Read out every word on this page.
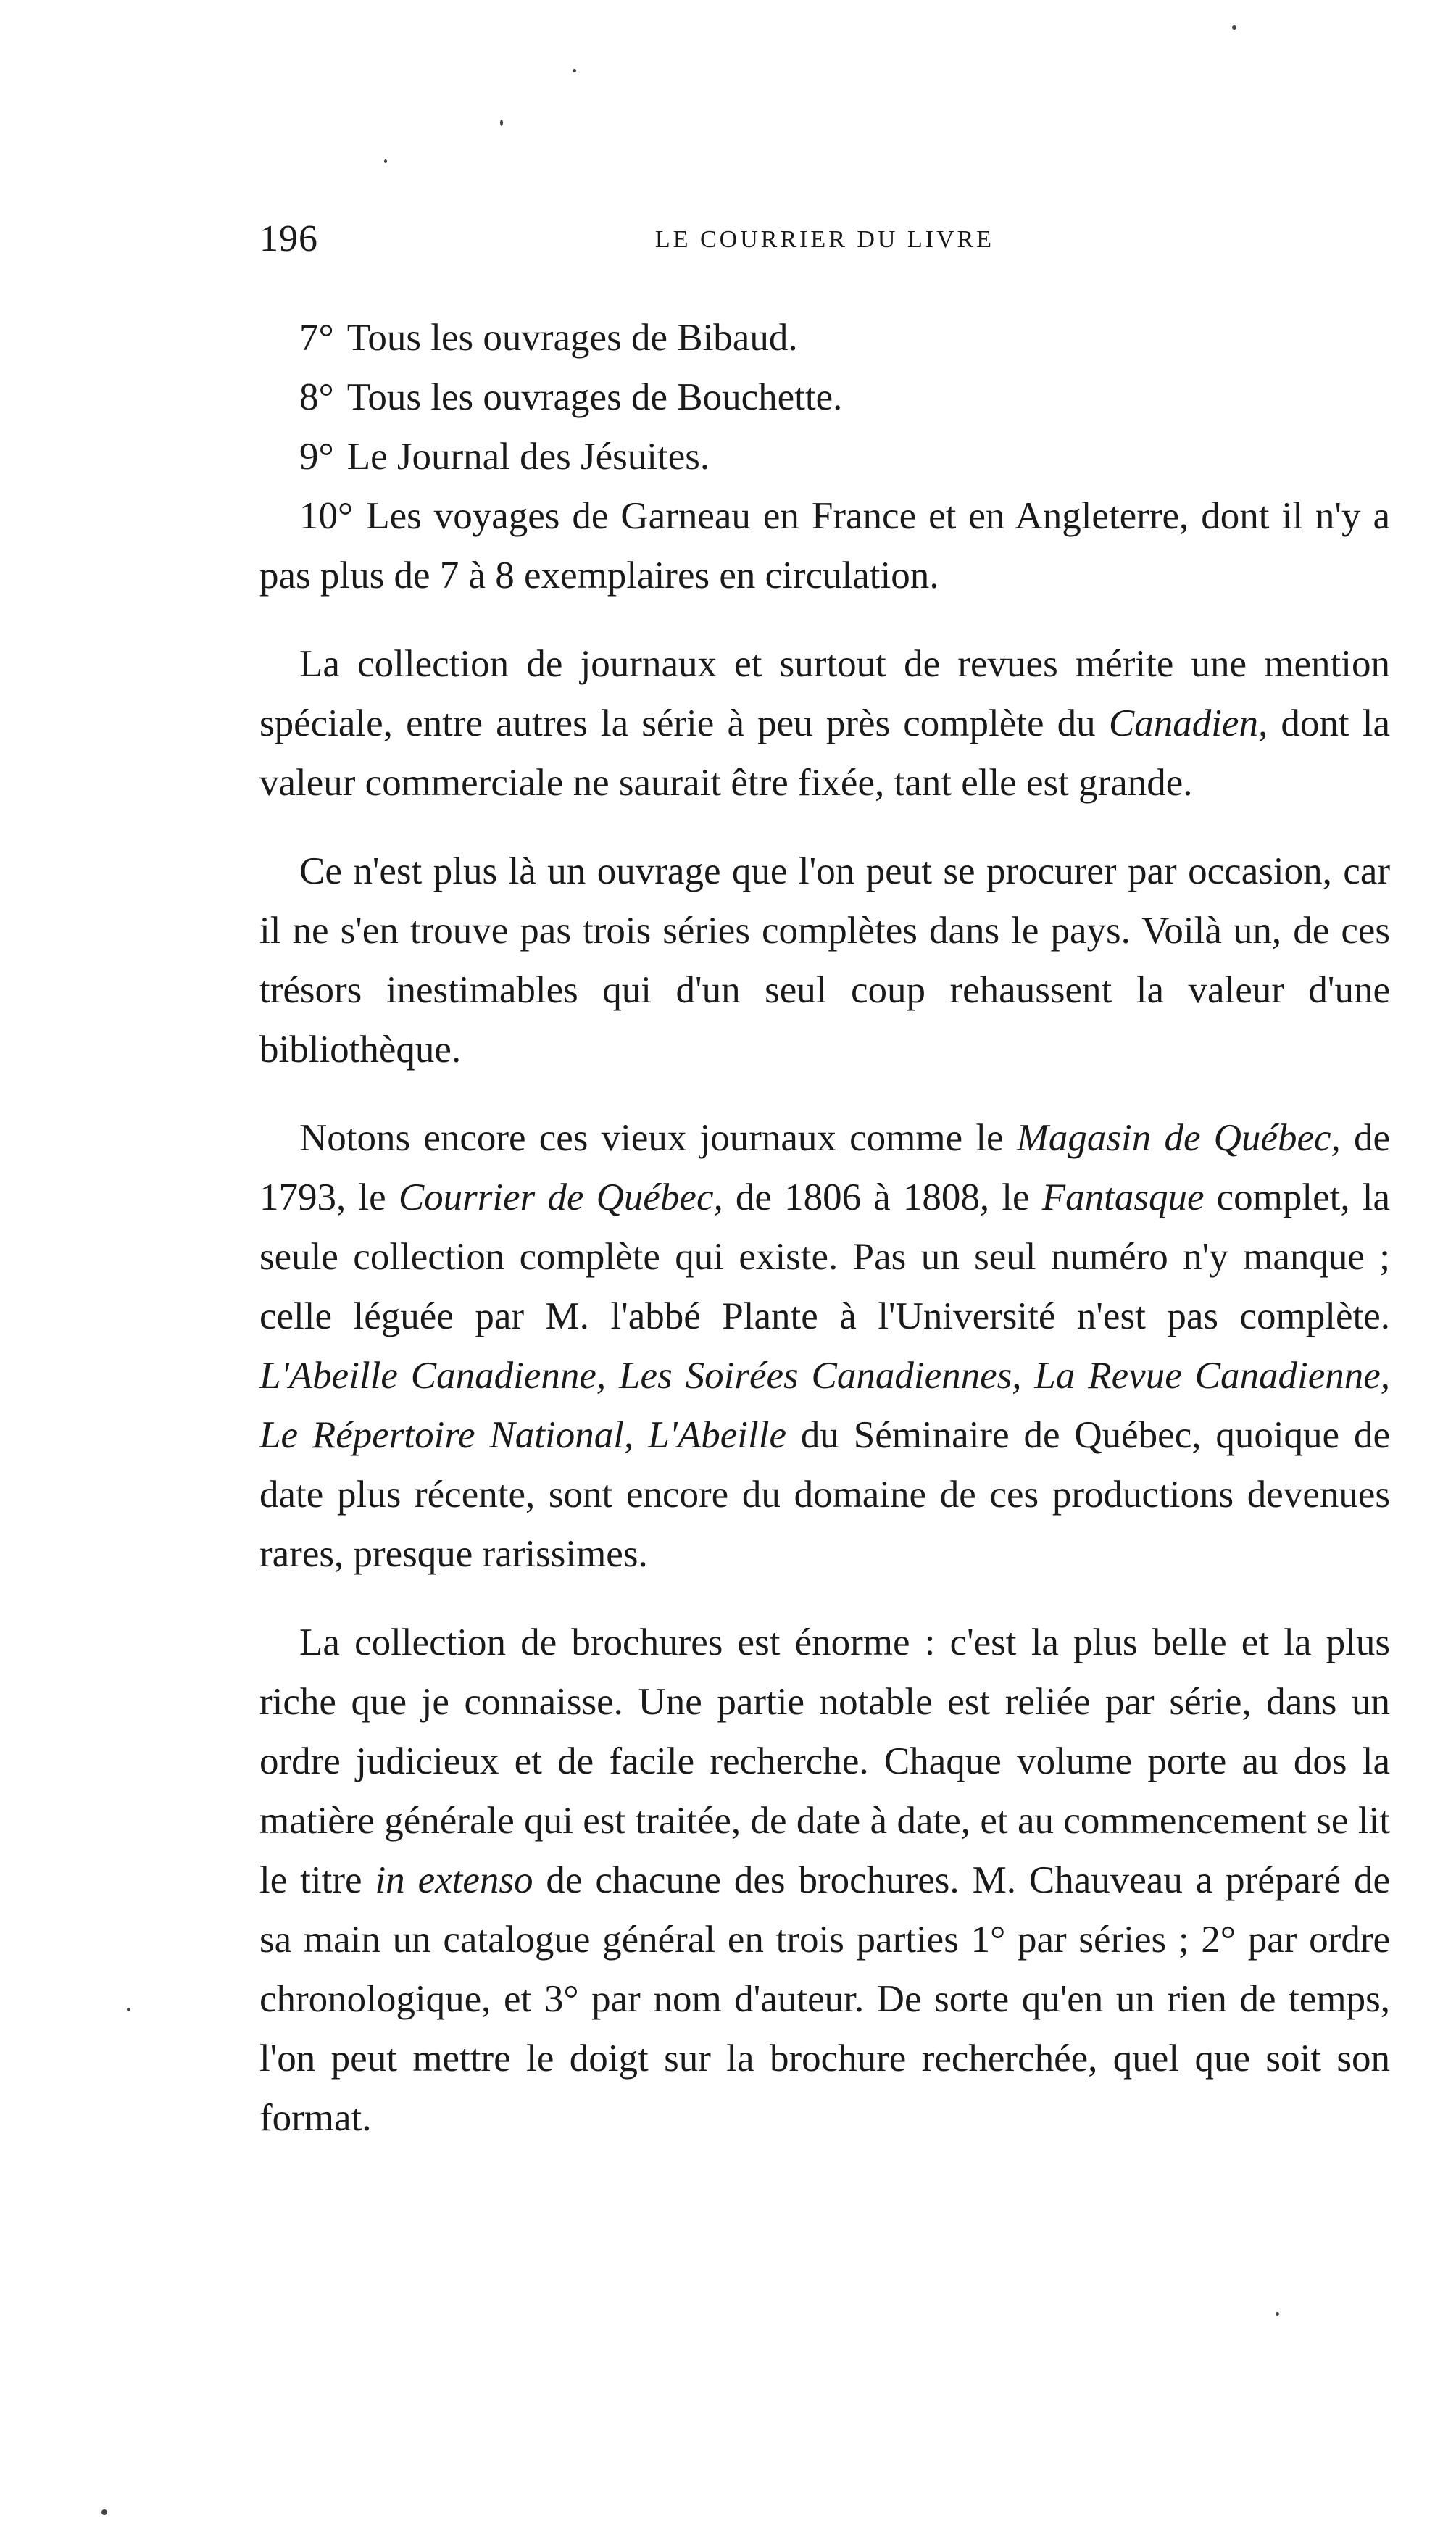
196	LE COURRIER DU LIVRE

7° Tous les ouvrages de Bibaud.

8° Tous les ouvrages de Bouchette.

9° Le Journal des Jésuites.

10° Les voyages de Garneau en France et en Angleterre, dont il n'y a pas plus de 7 à 8 exemplaires en circulation.

La collection de journaux et surtout de revues mérite une mention spéciale, entre autres la série à peu près complète du Canadien, dont la valeur commerciale ne saurait être fixée, tant elle est grande.

Ce n'est plus là un ouvrage que l'on peut se procurer par occasion, car il ne s'en trouve pas trois séries complètes dans le pays. Voilà un, de ces trésors inestimables qui d'un seul coup rehaussent la valeur d'une bibliothèque.

Notons encore ces vieux journaux comme le Magasin de Québec, de 1793, le Courrier de Québec, de 1806 à 1808, le Fantasque complet, la seule collection complète qui existe. Pas un seul numéro n'y manque ; celle léguée par M. l'abbé Plante à l'Université n'est pas complète. L'Abeille Canadienne, Les Soirées Canadiennes, La Revue Canadienne, Le Répertoire National, L'Abeille du Séminaire de Québec, quoique de date plus récente, sont encore du domaine de ces productions devenues rares, presque rarissimes.

La collection de brochures est énorme : c'est la plus belle et la plus riche que je connaisse. Une partie notable est reliée par série, dans un ordre judicieux et de facile recherche. Chaque volume porte au dos la matière générale qui est traitée, de date à date, et au commencement se lit le titre in extenso de chacune des brochures. M. Chauveau a préparé de sa main un catalogue général en trois parties 1° par séries ; 2° par ordre chronologique, et 3° par nom d'auteur. De sorte qu'en un rien de temps, l'on peut mettre le doigt sur la brochure recherchée, quel que soit son format.
